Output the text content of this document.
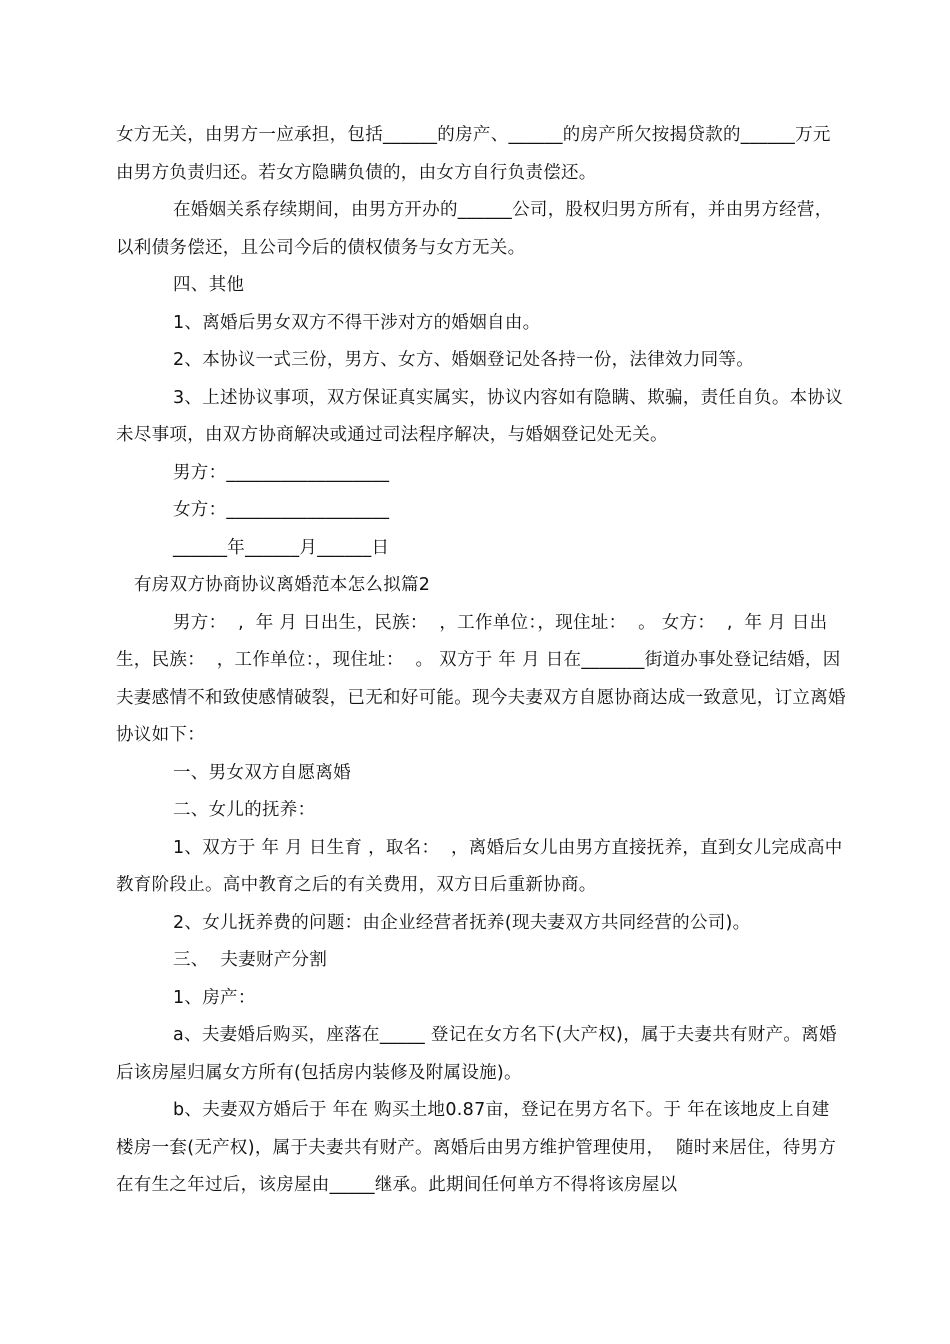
女方无关，由男方一应承担，包括______的房产、______的房产所欠按揭贷款的______万元由男方负责归还。若女方隐瞒负债的，由女方自行负责偿还。

在婚姻关系存续期间，由男方开办的______公司，股权归男方所有，并由男方经营，以利债务偿还，且公司今后的债权债务与女方无关。

四、其他

1、离婚后男女双方不得干涉对方的婚姻自由。

2、本协议一式三份，男方、女方、婚姻登记处各持一份，法律效力同等。

3、上述协议事项，双方保证真实属实，协议内容如有隐瞒、欺骗，责任自负。本协议未尽事项，由双方协商解决或通过司法程序解决，与婚姻登记处无关。

男方：__________________

女方：__________________

______年______月______日

有房双方协商协议离婚范本怎么拟篇2

男方：  ,  年 月 日出生，民族：  ，工作单位：，现住址：  。 女方：  ,  年 月 日出生，民族：  ，工作单位：，现住址：  。 双方于 年 月 日在_______街道办事处登记结婚，因夫妻感情不和致使感情破裂，已无和好可能。现今夫妻双方自愿协商达成一致意见，订立离婚协议如下：

一、男女双方自愿离婚

二、女儿的抚养：

1、双方于 年 月 日生育 ，取名：  ，离婚后女儿由男方直接抚养，直到女儿完成高中教育阶段止。高中教育之后的有关费用，双方日后重新协商。

2、女儿抚养费的问题：由企业经营者抚养(现夫妻双方共同经营的公司)。

三、  夫妻财产分割

1、房产：

a、夫妻婚后购买，座落在_____ 登记在女方名下(大产权)，属于夫妻共有财产。离婚后该房屋归属女方所有(包括房内装修及附属设施)。

b、夫妻双方婚后于 年在 购买土地0.87亩，登记在男方名下。于 年在该地皮上自建楼房一套(无产权)，属于夫妻共有财产。离婚后由男方维护管理使用，  随时来居住，待男方在有生之年过后，该房屋由_____继承。此期间任何单方不得将该房屋以
